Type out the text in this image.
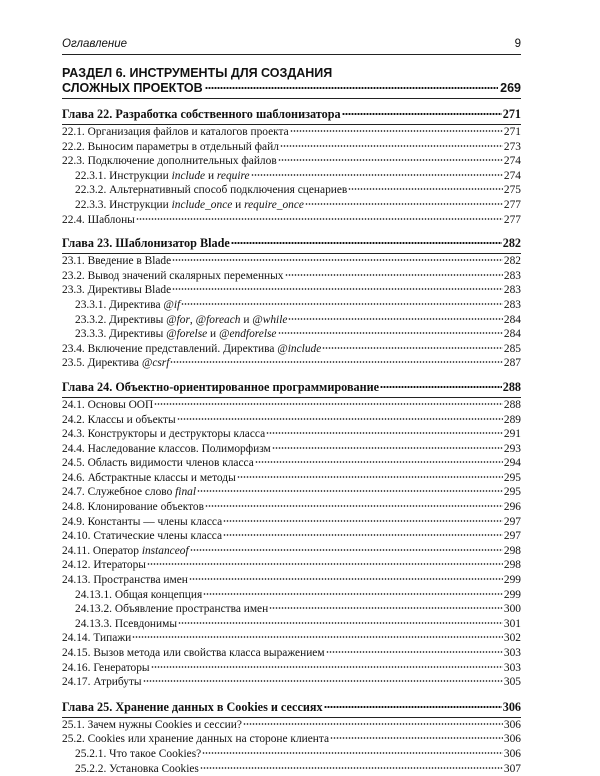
Оглавление	9
РАЗДЕЛ 6. ИНСТРУМЕНТЫ ДЛЯ СОЗДАНИЯ
СЛОЖНЫХ ПРОЕКТОВ	269
Глава 22. Разработка собственного шаблонизатора	271
22.1. Организация файлов и каталогов проекта	271
22.2. Выносим параметры в отдельный файл	273
22.3. Подключение дополнительных файлов	274
22.3.1. Инструкции include и require	274
22.3.2. Альтернативный способ подключения сценариев	275
22.3.3. Инструкции include_once и require_once	277
22.4. Шаблоны	277
Глава 23. Шаблонизатор Blade	282
23.1. Введение в Blade	282
23.2. Вывод значений скалярных переменных	283
23.3. Директивы Blade	283
23.3.1. Директива @if	283
23.3.2. Директивы @for, @foreach и @while	284
23.3.3. Директивы @forelse и @endforelse	284
23.4. Включение представлений. Директива @include	285
23.5. Директива @csrf	287
Глава 24. Объектно-ориентированное программирование	288
24.1. Основы ООП	288
24.2. Классы и объекты	289
24.3. Конструкторы и деструкторы класса	291
24.4. Наследование классов. Полиморфизм	293
24.5. Область видимости членов класса	294
24.6. Абстрактные классы и методы	295
24.7. Служебное слово final	295
24.8. Клонирование объектов	296
24.9. Константы — члены класса	297
24.10. Статические члены класса	297
24.11. Оператор instanceof	298
24.12. Итераторы	298
24.13. Пространства имен	299
24.13.1. Общая концепция	299
24.13.2. Объявление пространства имен	300
24.13.3. Псевдонимы	301
24.14. Типажи	302
24.15. Вызов метода или свойства класса выражением	303
24.16. Генераторы	303
24.17. Атрибуты	305
Глава 25. Хранение данных в Cookies и сессиях	306
25.1. Зачем нужны Cookies и сессии?	306
25.2. Cookies или хранение данных на стороне клиента	306
25.2.1. Что такое Cookies?	306
25.2.2. Установка Cookies	307
